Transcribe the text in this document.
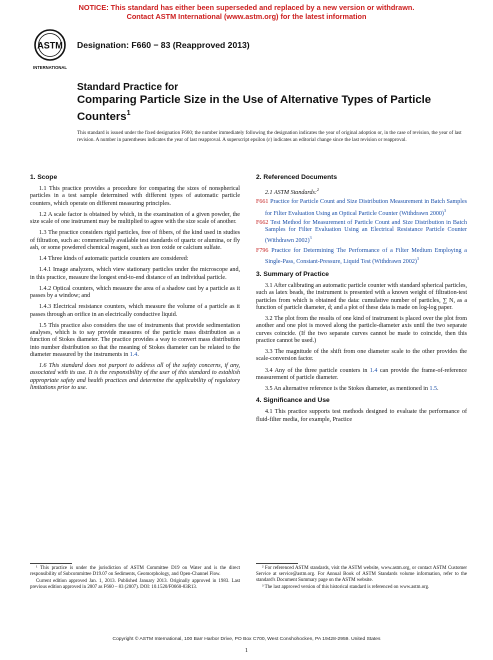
NOTICE: This standard has either been superseded and replaced by a new version or withdrawn.
Contact ASTM International (www.astm.org) for the latest information
ASTM
INTERNATIONAL
Designation: F660 − 83 (Reapproved 2013)
Standard Practice for
Comparing Particle Size in the Use of Alternative Types of Particle Counters$^1$
This standard is issued under the fixed designation F660; the number immediately following the designation indicates the year of original adoption or, in the case of revision, the year of last revision. A number in parentheses indicates the year of last reapproval. A superscript epsilon (ε) indicates an editorial change since the last revision or reapproval.
1. Scope

1.1 This practice provides a procedure for comparing the sizes of nonspherical particles in a test sample determined with different types of automatic particle counters, which operate on different measuring principles.

1.2 A scale factor is obtained by which, in the examination of a given powder, the size scale of one instrument may be multiplied to agree with the size scale of another.

1.3 The practice considers rigid particles, free of fibers, of the kind used in studies of filtration, such as: commercially available test standards of quartz or alumina, or fly ash, or some powdered chemical reagent, such as iron oxide or calcium sulfate.

1.4 Three kinds of automatic particle counters are considered:

1.4.1 Image analyzers, which view stationary particles under the microscope and, in this practice, measure the longest end-to-end distance of an individual particle.

1.4.2 Optical counters, which measure the area of a shadow cast by a particle as it passes by a window; and

1.4.3 Electrical resistance counters, which measure the volume of a particle as it passes through an orifice in an electrically conductive liquid.

1.5 This practice also considers the use of instruments that provide sedimentation analyses, which is to say provide measures of the particle mass distribution as a function of Stokes diameter. The practice provides a way to convert mass distribution into number distribution so that the meaning of Stokes diameter can be related to the diameter measured by the instruments in 1.4.

1.6 This standard does not purport to address all of the safety concerns, if any, associated with its use. It is the responsibility of the user of this standard to establish appropriate safety and health practices and determine the applicability of regulatory limitations prior to use.

2. Referenced Documents
2.1 ASTM Standards:$^2$
F661 Practice for Particle Count and Size Distribution Measurement in Batch Samples for Filter Evaluation Using an Optical Particle Counter (Withdrawn 2000)$^3$
F662 Test Method for Measurement of Particle Count and Size Distribution in Batch Samples for Filter Evaluation Using an Electrical Resistance Particle Counter (Withdrawn 2002)$^3$
F796 Practice for Determining The Performance of a Filter Medium Employing a Single-Pass, Constant-Pressure, Liquid Test (Withdrawn 2002)$^3$
3. Summary of Practice

3.1 After calibrating an automatic particle counter with standard spherical particles, such as latex beads, the instrument is presented with a known weight of filtration-test particles from which is obtained the data: cumulative number of particles, ∑ N, as a function of particle diameter, d; and a plot of these data is made on log-log paper.

3.2 The plot from the results of one kind of instrument is placed over the plot from another and one plot is moved along the particle-diameter axis until the two separate curves coincide. (If the two separate curves cannot be made to coincide, then this practice cannot be used.)

3.3 The magnitude of the shift from one diameter scale to the other provides the scale-conversion factor.

3.4 Any of the three particle counters in 1.4 can provide the frame-of-reference measurement of particle diameter.

3.5 An alternative reference is the Stokes diameter, as mentioned in 1.5.

4. Significance and Use

4.1 This practice supports test methods designed to evaluate the performance of fluid-filter media, for example, Practice

¹ This practice is under the jurisdiction of ASTM Committee D19 on Water and is the direct responsibility of Subcommittee D19.07 on Sediments, Geomorphology, and Open-Channel Flow.

Current edition approved Jan. 1, 2013. Published January 2013. Originally approved in 1983. Last previous edition approved in 2007 as F660 – 83 (2007). DOI: 10.1520/F0660-83R13.

² For referenced ASTM standards, visit the ASTM website, www.astm.org, or contact ASTM Customer Service at service@astm.org. For Annual Book of ASTM Standards volume information, refer to the standard's Document Summary page on the ASTM website.

³ The last approved version of this historical standard is referenced on www.astm.org.

Copyright © ASTM International, 100 Barr Harbor Drive, PO Box C700, West Conshohocken, PA 19428-2959. United States
1
